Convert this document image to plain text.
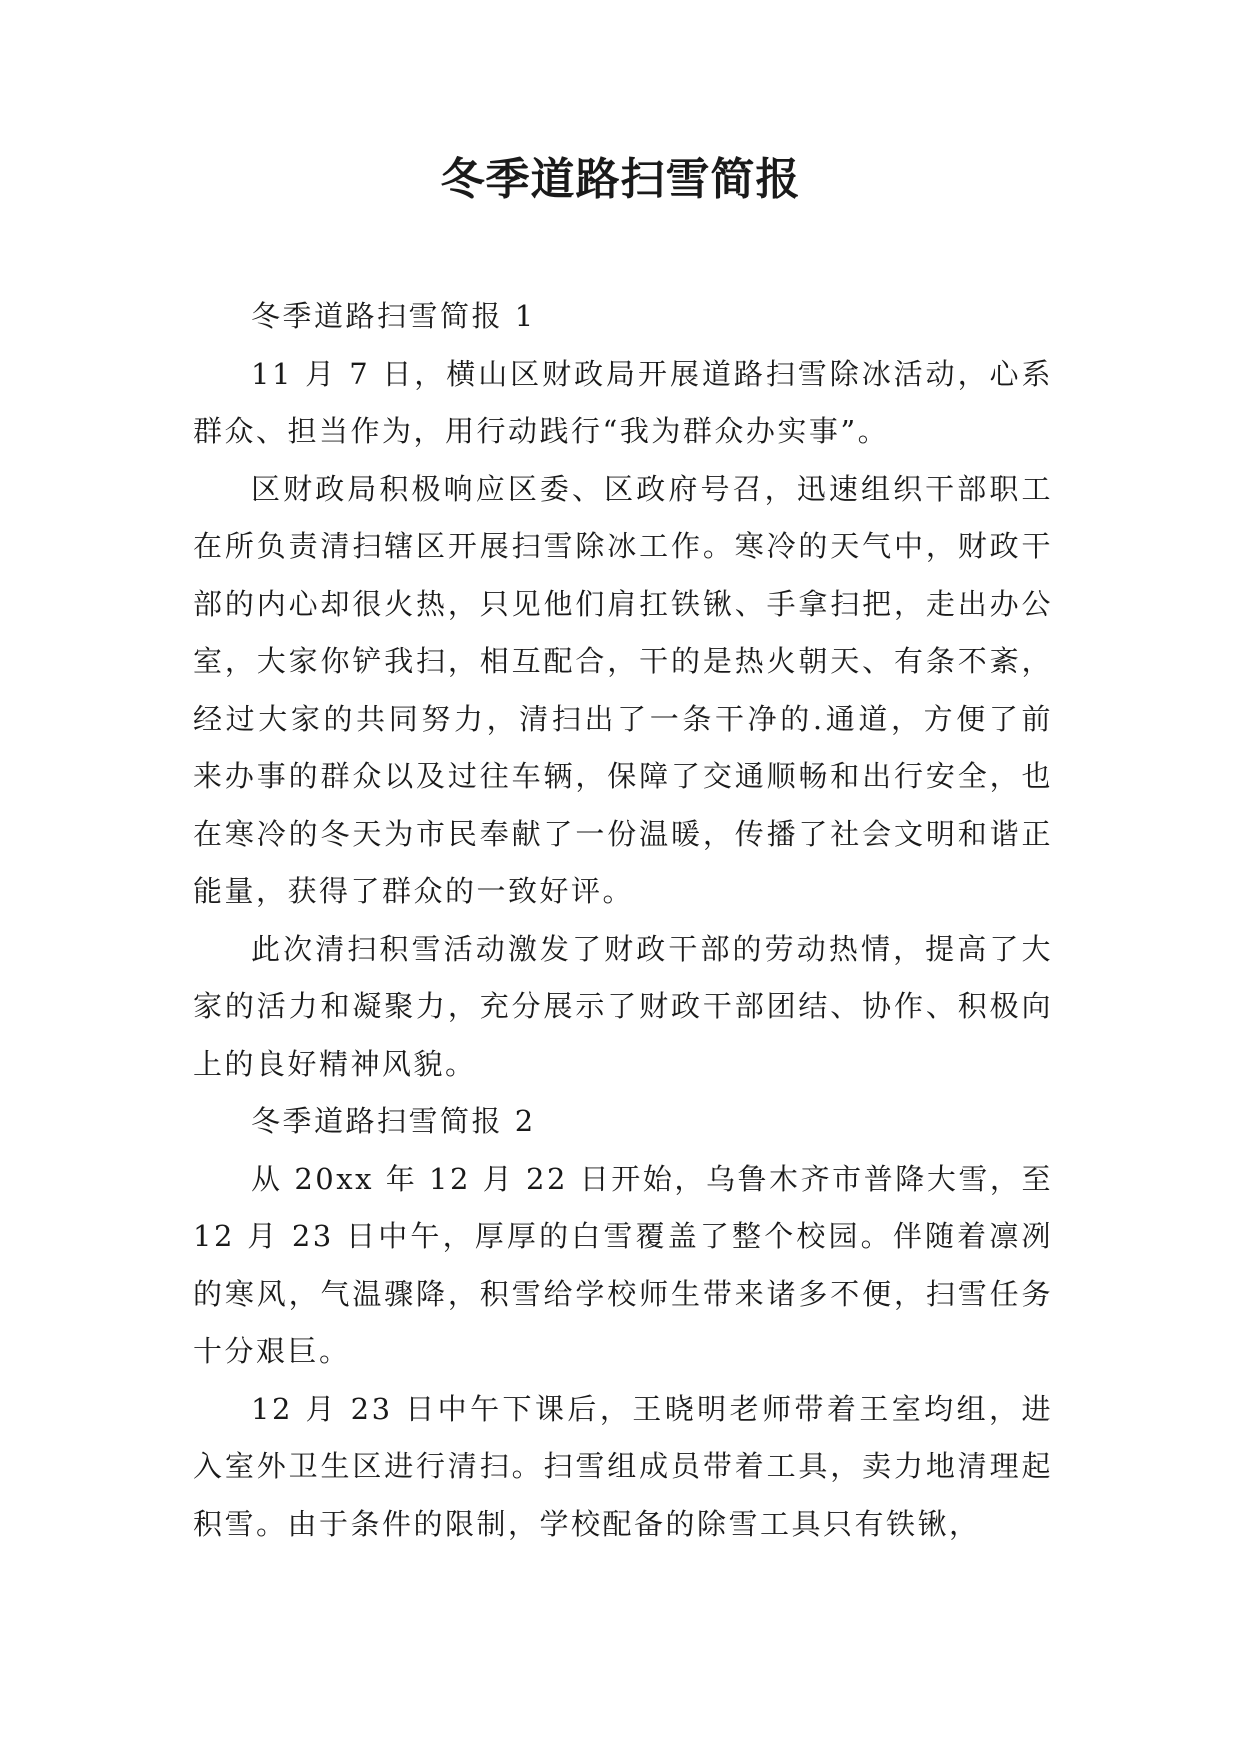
冬季道路扫雪简报

冬季道路扫雪简报 1

11 月 7 日，横山区财政局开展道路扫雪除冰活动，心系群众、担当作为，用行动践行“我为群众办实事”。

区财政局积极响应区委、区政府号召，迅速组织干部职工在所负责清扫辖区开展扫雪除冰工作。寒冷的天气中，财政干部的内心却很火热，只见他们肩扛铁锹、手拿扫把，走出办公室，大家你铲我扫，相互配合，干的是热火朝天、有条不紊，经过大家的共同努力，清扫出了一条干净的.通道，方便了前来办事的群众以及过往车辆，保障了交通顺畅和出行安全，也在寒冷的冬天为市民奉献了一份温暖，传播了社会文明和谐正能量，获得了群众的一致好评。

此次清扫积雪活动激发了财政干部的劳动热情，提高了大家的活力和凝聚力，充分展示了财政干部团结、协作、积极向上的良好精神风貌。

冬季道路扫雪简报 2

从 20xx 年 12 月 22 日开始，乌鲁木齐市普降大雪，至 12 月 23 日中午，厚厚的白雪覆盖了整个校园。伴随着凛冽的寒风，气温骤降，积雪给学校师生带来诸多不便，扫雪任务十分艰巨。

12 月 23 日中午下课后，王晓明老师带着王室均组，进入室外卫生区进行清扫。扫雪组成员带着工具，卖力地清理起积雪。由于条件的限制，学校配备的除雪工具只有铁锹，
